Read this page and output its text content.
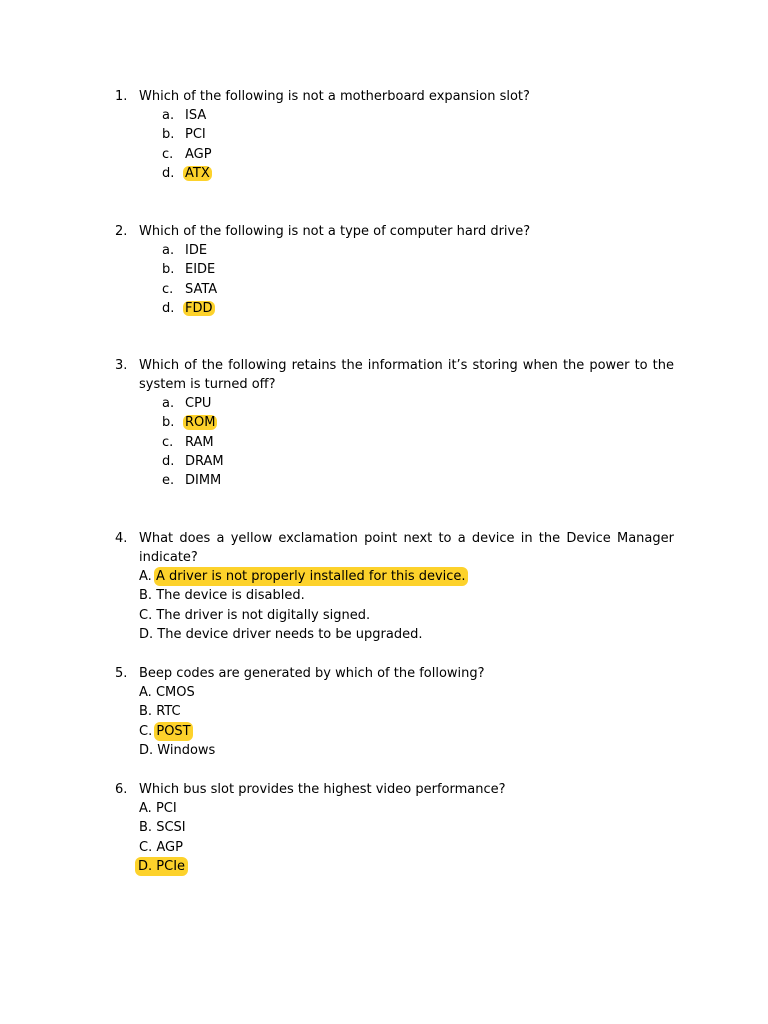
1. Which of the following is not a motherboard expansion slot?
a. ISA
b. PCI
c. AGP
d. ATX
2. Which of the following is not a type of computer hard drive?
a. IDE
b. EIDE
c. SATA
d. FDD
3. Which of the following retains the information it’s storing when the power to the system is turned off?
a. CPU
b. ROM
c. RAM
d. DRAM
e. DIMM
4. What does a yellow exclamation point next to a device in the Device Manager indicate?
A.
A driver is not properly installed for this device.
B.
The device is disabled.
C.
The driver is not digitally signed.
D.
The device driver needs to be upgraded.
5. Beep codes are generated by which of the following?
A.
CMOS
B.
RTC
C.
POST
D.
Windows
6. Which bus slot provides the highest video performance?
A.
PCI
B.
SCSI
C.
AGP
D. PCIe
